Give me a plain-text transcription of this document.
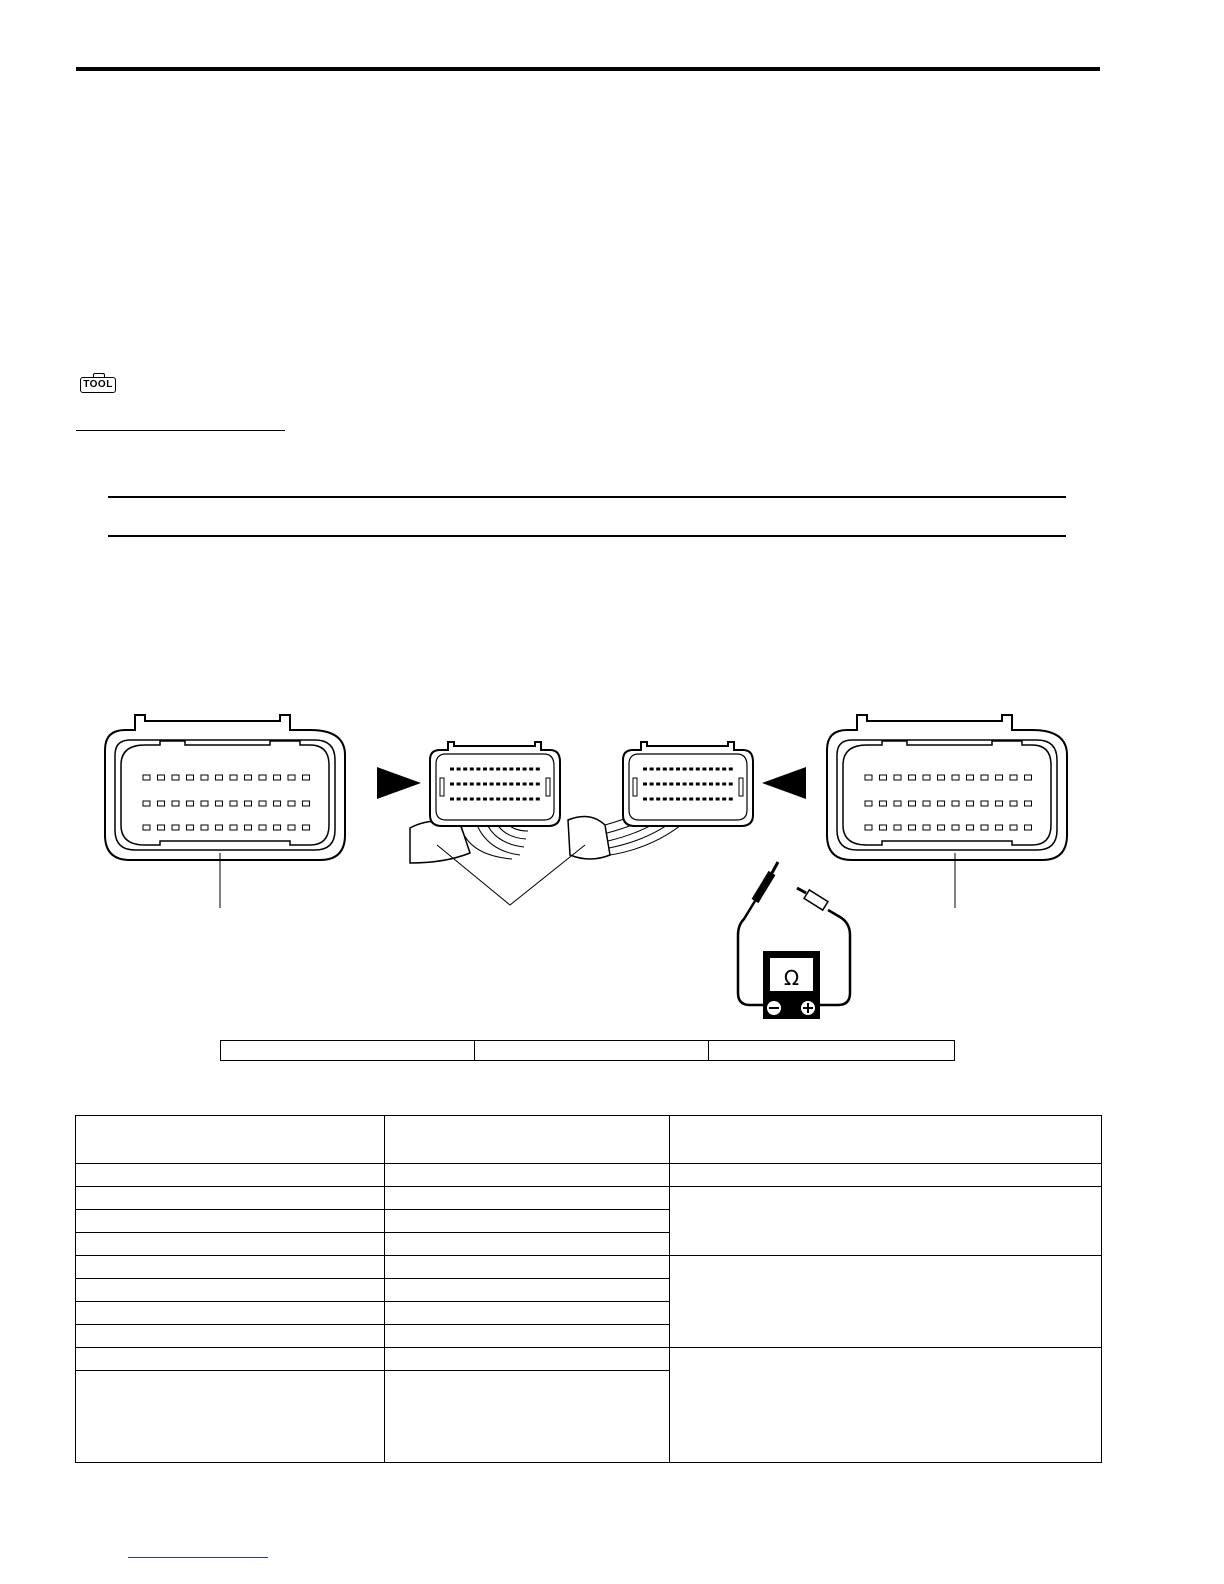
TOOL
Ω
